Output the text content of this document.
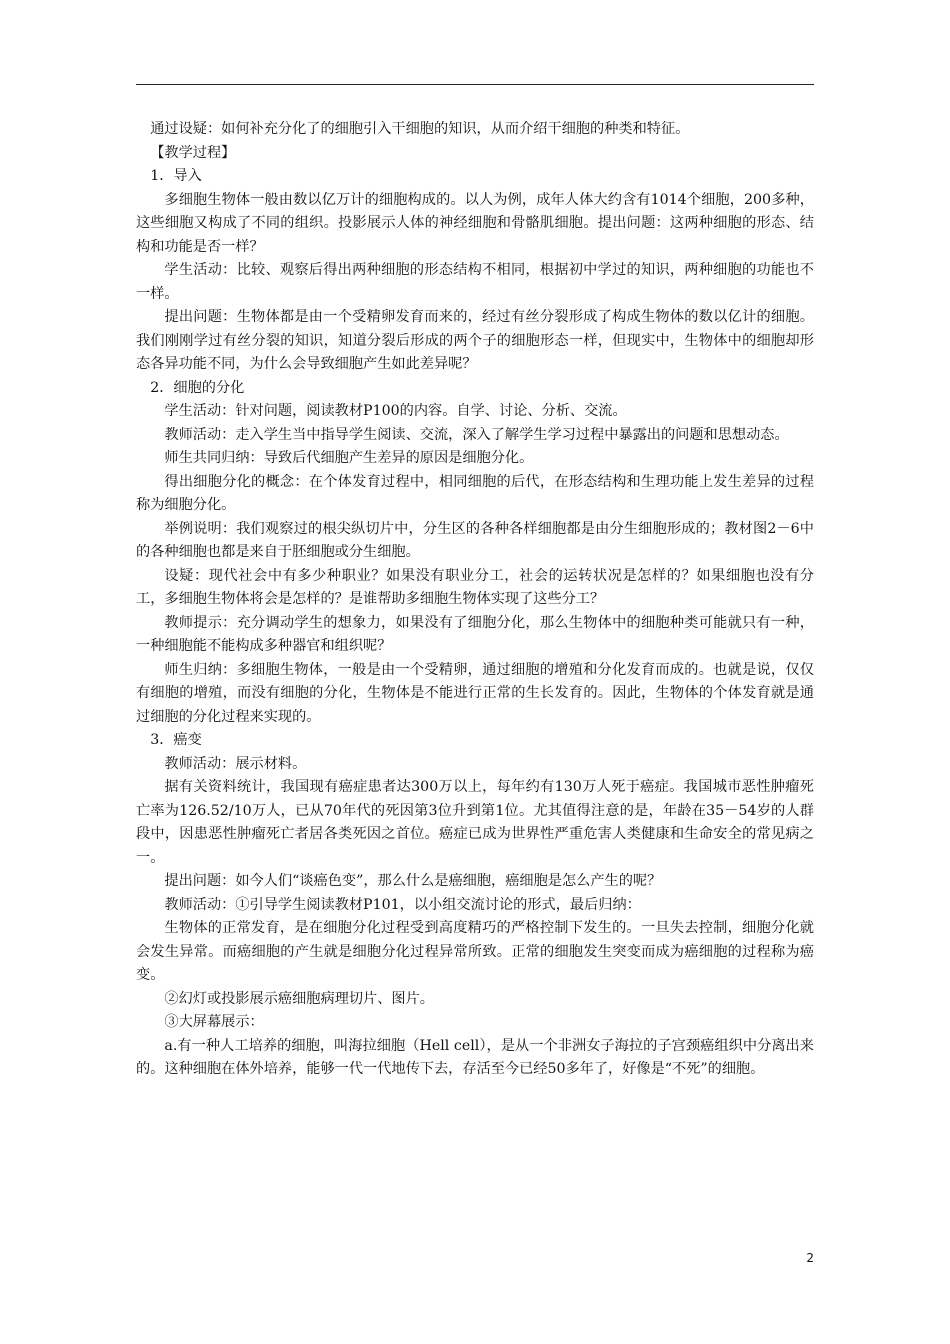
通过设疑：如何补充分化了的细胞引入干细胞的知识，从而介绍干细胞的种类和特征。

【教学过程】

1．导入

多细胞生物体一般由数以亿万计的细胞构成的。以人为例，成年人体大约含有1014个细胞，200多种，这些细胞又构成了不同的组织。投影展示人体的神经细胞和骨骼肌细胞。提出问题：这两种细胞的形态、结构和功能是否一样？

学生活动：比较、观察后得出两种细胞的形态结构不相同，根据初中学过的知识，两种细胞的功能也不一样。

提出问题：生物体都是由一个受精卵发育而来的，经过有丝分裂形成了构成生物体的数以亿计的细胞。我们刚刚学过有丝分裂的知识，知道分裂后形成的两个子的细胞形态一样，但现实中，生物体中的细胞却形态各异功能不同，为什么会导致细胞产生如此差异呢？

2．细胞的分化

学生活动：针对问题，阅读教材P100的内容。自学、讨论、分析、交流。

教师活动：走入学生当中指导学生阅读、交流，深入了解学生学习过程中暴露出的问题和思想动态。

师生共同归纳：导致后代细胞产生差异的原因是细胞分化。

得出细胞分化的概念：在个体发育过程中，相同细胞的后代，在形态结构和生理功能上发生差异的过程称为细胞分化。

举例说明：我们观察过的根尖纵切片中，分生区的各种各样细胞都是由分生细胞形成的；教材图2－6中的各种细胞也都是来自于胚细胞或分生细胞。

设疑：现代社会中有多少种职业？如果没有职业分工，社会的运转状况是怎样的？如果细胞也没有分工，多细胞生物体将会是怎样的？是谁帮助多细胞生物体实现了这些分工？

教师提示：充分调动学生的想象力，如果没有了细胞分化，那么生物体中的细胞种类可能就只有一种，一种细胞能不能构成多种器官和组织呢？

师生归纳：多细胞生物体，一般是由一个受精卵，通过细胞的增殖和分化发育而成的。也就是说，仅仅有细胞的增殖，而没有细胞的分化，生物体是不能进行正常的生长发育的。因此，生物体的个体发育就是通过细胞的分化过程来实现的。

3．癌变

教师活动：展示材料。

据有关资料统计，我国现有癌症患者达300万以上，每年约有130万人死于癌症。我国城市恶性肿瘤死亡率为126.52/10万人，已从70年代的死因第3位升到第1位。尤其值得注意的是，年龄在35－54岁的人群段中，因患恶性肿瘤死亡者居各类死因之首位。癌症已成为世界性严重危害人类健康和生命安全的常见病之一。

提出问题：如今人们“谈癌色变”，那么什么是癌细胞，癌细胞是怎么产生的呢？

教师活动：①引导学生阅读教材P101，以小组交流讨论的形式，最后归纳：

生物体的正常发育，是在细胞分化过程受到高度精巧的严格控制下发生的。一旦失去控制，细胞分化就会发生异常。而癌细胞的产生就是细胞分化过程异常所致。正常的细胞发生突变而成为癌细胞的过程称为癌变。

②幻灯或投影展示癌细胞病理切片、图片。

③大屏幕展示：

a.有一种人工培养的细胞，叫海拉细胞（Hell cell），是从一个非洲女子海拉的子宫颈癌组织中分离出来的。这种细胞在体外培养，能够一代一代地传下去，存活至今已经50多年了，好像是“不死”的细胞。

2
